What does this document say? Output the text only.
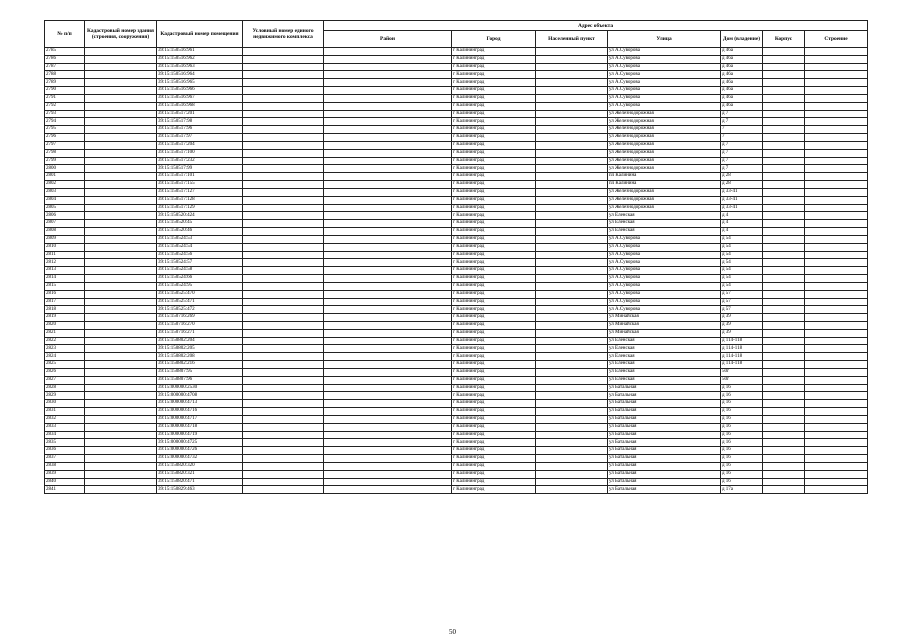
№ п/п	Кадастровый номер здания (строения, сооружения)	Кадастровый номер помещения	Условный номер единого недвижимого комплекса	Адрес объекта							
				Район	Город	Населенный пункт	Улица	Дом (владение)	Корпус	Строение	
2785		39:15:150516:961			г Калининград		ул А.Суворова	д 46а			
2786		39:15:150516:962			г Калининград		ул А.Суворова	д 46а			
2787		39:15:150516:963			г Калининград		ул А.Суворова	д 46а			
2788		39:15:150516:964			г Калининград		ул А.Суворова	д 46а			
2789		39:15:150516:965			г Калининград		ул А.Суворова	д 46а			
2790		39:15:150516:966			г Калининград		ул А.Суворова	д 46а			
2791		39:15:150516:967			г Калининград		ул А.Суворова	д 46а			
2792		39:15:150516:968			г Калининград		ул А.Суворова	д 46а			
2793		39:15:150517:201			г Калининград		ул Железнодорожная	д 7			
2794		39:15:150517:98			г Калининград		ул Железнодорожная	д 7			
2795		39:15:150517:96			г Калининград		ул Железнодорожная	7			
2796		39:15:150517:97			г Калининград		ул Железнодорожная	7			
2797		39:15:150517:204			г Калининград		ул Железнодорожная	д 7			
2798		39:15:150517:100			г Калининград		ул Железнодорожная	д 7			
2799		39:15:150517:232			г Калининград		ул Железнодорожная	д 7			
2800		39:15:150517:99			г Калининград		ул Железнодорожная	д 7			
2801		39:15:150517:101			г Калининград		пл Калинина	д 28			
2802		39:15:150517:155			г Калининград		пл Калинина	д 28			
2803		39:15:150517:127			г Калининград		ул Железнодорожная	д 33-41			
2804		39:15:150517:128			г Калининград		ул Железнодорожная	д 33-41			
2805		39:15:150517:129			г Калининград		ул Железнодорожная	д 33-41			
2806		39:15:150520:424			г Калининград		ул Еленская	д 4			
2807		39:15:150520:45			г Калининград		ул Еленская	д 4			
2808		39:15:150520:46			г Калининград		ул Еленская	д 4			
2809		39:15:150524:53			г Калининград		ул А.Суворова	д 54			
2810		39:15:150524:54			г Калининград		ул А.Суворова	д 54			
2811		39:15:150524:56			г Калининград		ул А.Суворова	д 54			
2812		39:15:150524:57			г Калининград		ул А.Суворова	д 54			
2813		39:15:150524:58			г Калининград		ул А.Суворова	д 54			
2814		39:15:150524:66			г Калининград		ул А.Суворова	д 54			
2815		39:15:150524:95			г Калининград		ул А.Суворова	д 54			
2816		39:15:150525:470			г Калининград		ул А.Суворова	д 57			
2817		39:15:150525:471			г Калининград		ул А.Суворова	д 57			
2818		39:15:150525:472			г Калининград		ул А.Суворова	д 57			
2819		39:15:150716:269			г Калининград		ул Минайская	д 39			
2820		39:15:150716:270			г Калининград		ул Минайская	д 39			
2821		39:15:150716:271			г Калининград		ул Минайская	д 39			
2822		39:15:150802:204			г Калининград		ул Еленская	д 114-118			
2823		39:15:150802:205			г Калининград		ул Еленская	д 114-118			
2824		39:15:150802:208			г Калининград		ул Еленская	д 114-118			
2825		39:15:150802:216			г Калининград		ул Еленская	д 114-118			
2826		39:15:150807:95			г Калининград		ул Еленская	50г			
2827		39:15:150807:96			г Калининград		ул Еленская	50г			
2828		39:15:000000:2530			г Калининград		ул Батальная	д 16			
2829		39:15:000000:4708			г Калининград		ул Батальная	д 16			
2830		39:15:000000:4713			г Калининград		ул Батальная	д 16			
2831		39:15:000000:4716			г Калининград		ул Батальная	д 16			
2832		39:15:000000:4717			г Калининград		ул Батальная	д 16			
2833		39:15:000000:4718			г Калининград		ул Батальная	д 16			
2834		39:15:000000:4719			г Калининград		ул Батальная	д 16			
2835		39:15:000000:4725			г Калининград		ул Батальная	д 16			
2836		39:15:000000:4726			г Калининград		ул Батальная	д 16			
2837		39:15:000000:4732			г Калининград		ул Батальная	д 16			
2838		39:15:150820:320			г Калининград		ул Батальная	д 16			
2839		39:15:150820:321			г Калининград		ул Батальная	д 16			
2840		39:15:150820:471			г Калининград		ул Батальная	д 16			
2841		39:15:150829:463			г Калининград		ул Батальная	д 17а			
50
